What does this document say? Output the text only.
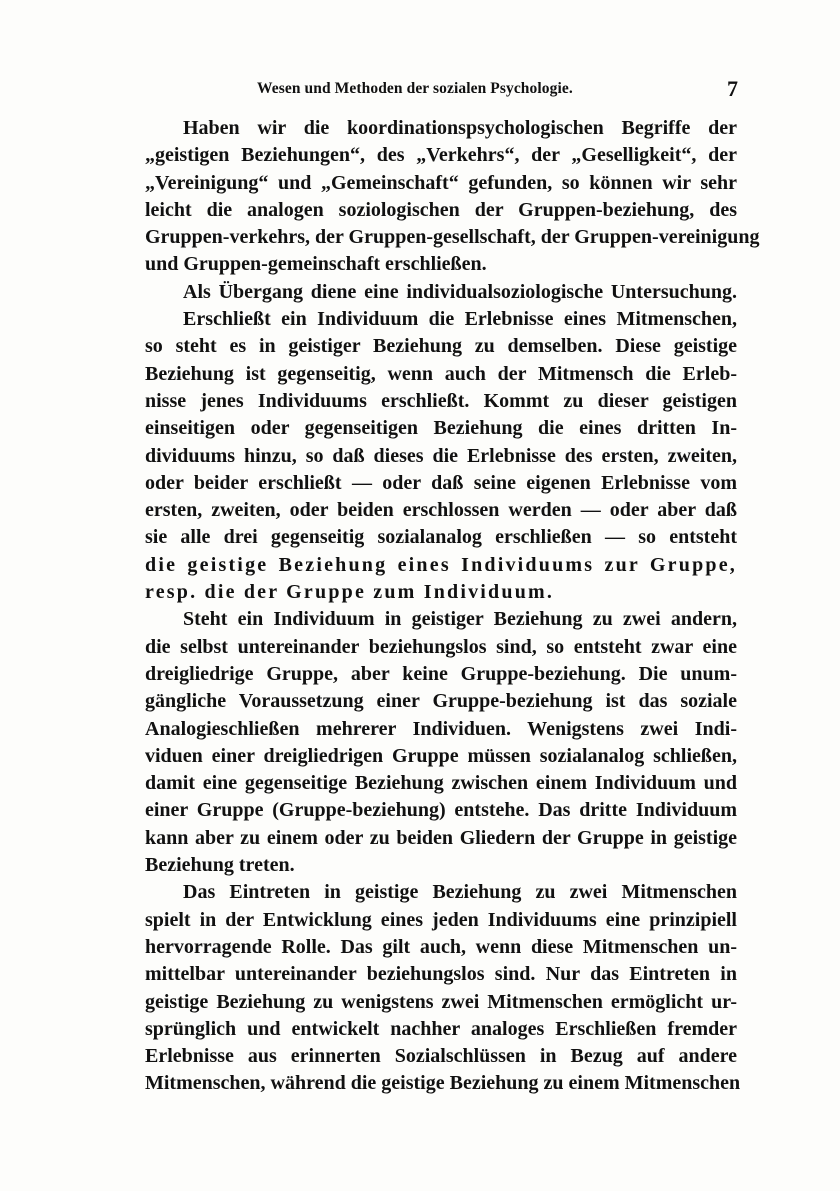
Wesen und Methoden der sozialen Psychologie.	7
Haben wir die koordinationspsychologischen Begriffe der
„geistigen Beziehungen“, des „Verkehrs“, der „Geselligkeit“, der
„Vereinigung“ und „Gemeinschaft“ gefunden, so können wir sehr
leicht die analogen soziologischen der Gruppen-beziehung, des
Gruppen-verkehrs, der Gruppen-gesellschaft, der Gruppen-vereinigung
und Gruppen-gemeinschaft erschließen.
Als Übergang diene eine individualsoziologische Untersuchung.
Erschließt ein Individuum die Erlebnisse eines Mitmenschen,
so steht es in geistiger Beziehung zu demselben. Diese geistige
Beziehung ist gegenseitig, wenn auch der Mitmensch die Erleb-
nisse jenes Individuums erschließt. Kommt zu dieser geistigen
einseitigen oder gegenseitigen Beziehung die eines dritten In-
dividuums hinzu, so daß dieses die Erlebnisse des ersten, zweiten,
oder beider erschließt — oder daß seine eigenen Erlebnisse vom
ersten, zweiten, oder beiden erschlossen werden — oder aber daß
sie alle drei gegenseitig sozialanalog erschließen — so entsteht
die geistige Beziehung eines Individuums zur Gruppe,
resp. die der Gruppe zum Individuum.
Steht ein Individuum in geistiger Beziehung zu zwei andern,
die selbst untereinander beziehungslos sind, so entsteht zwar eine
dreigliedrige Gruppe, aber keine Gruppe-beziehung. Die unum-
gängliche Voraussetzung einer Gruppe-beziehung ist das soziale
Analogieschließen mehrerer Individuen. Wenigstens zwei Indi-
viduen einer dreigliedrigen Gruppe müssen sozialanalog schließen,
damit eine gegenseitige Beziehung zwischen einem Individuum und
einer Gruppe (Gruppe-beziehung) entstehe. Das dritte Individuum
kann aber zu einem oder zu beiden Gliedern der Gruppe in geistige
Beziehung treten.
Das Eintreten in geistige Beziehung zu zwei Mitmenschen
spielt in der Entwicklung eines jeden Individuums eine prinzipiell
hervorragende Rolle. Das gilt auch, wenn diese Mitmenschen un-
mittelbar untereinander beziehungslos sind. Nur das Eintreten in
geistige Beziehung zu wenigstens zwei Mitmenschen ermöglicht ur-
sprünglich und entwickelt nachher analoges Erschließen fremder
Erlebnisse aus erinnerten Sozialschlüssen in Bezug auf andere
Mitmenschen, während die geistige Beziehung zu einem Mitmenschen
